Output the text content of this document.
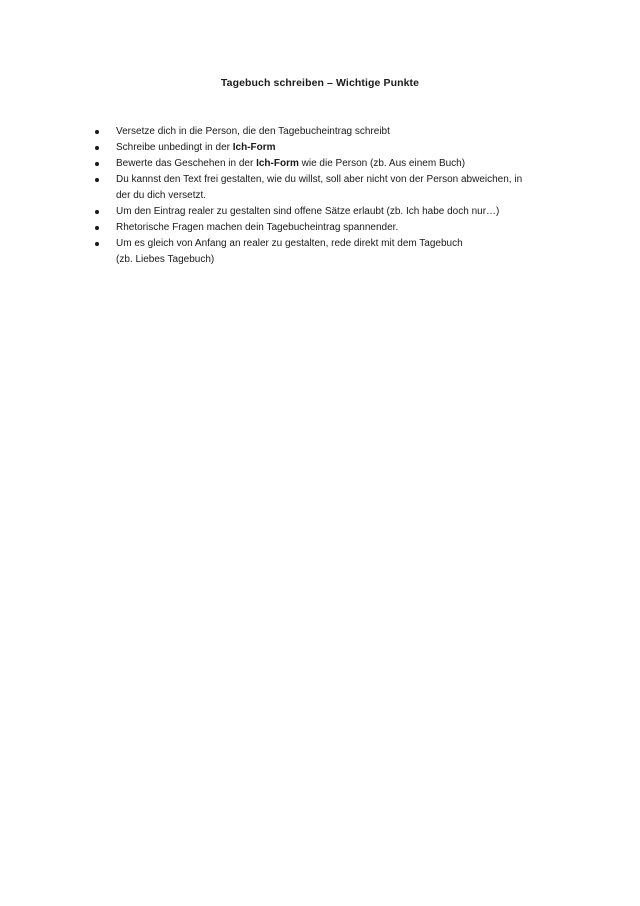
Tagebuch schreiben – Wichtige Punkte
Versetze dich in die Person, die den Tagebucheintrag schreibt
Schreibe unbedingt in der Ich-Form
Bewerte das Geschehen in der Ich-Form wie die Person (zb. Aus einem Buch)
Du kannst den Text frei gestalten, wie du willst, soll aber nicht von der Person abweichen, in
der du dich versetzt.
Um den Eintrag realer zu gestalten sind offene Sätze erlaubt (zb. Ich habe doch nur…)
Rhetorische Fragen machen dein Tagebucheintrag spannender.
Um es gleich von Anfang an realer zu gestalten, rede direkt mit dem Tagebuch
(zb. Liebes Tagebuch)
